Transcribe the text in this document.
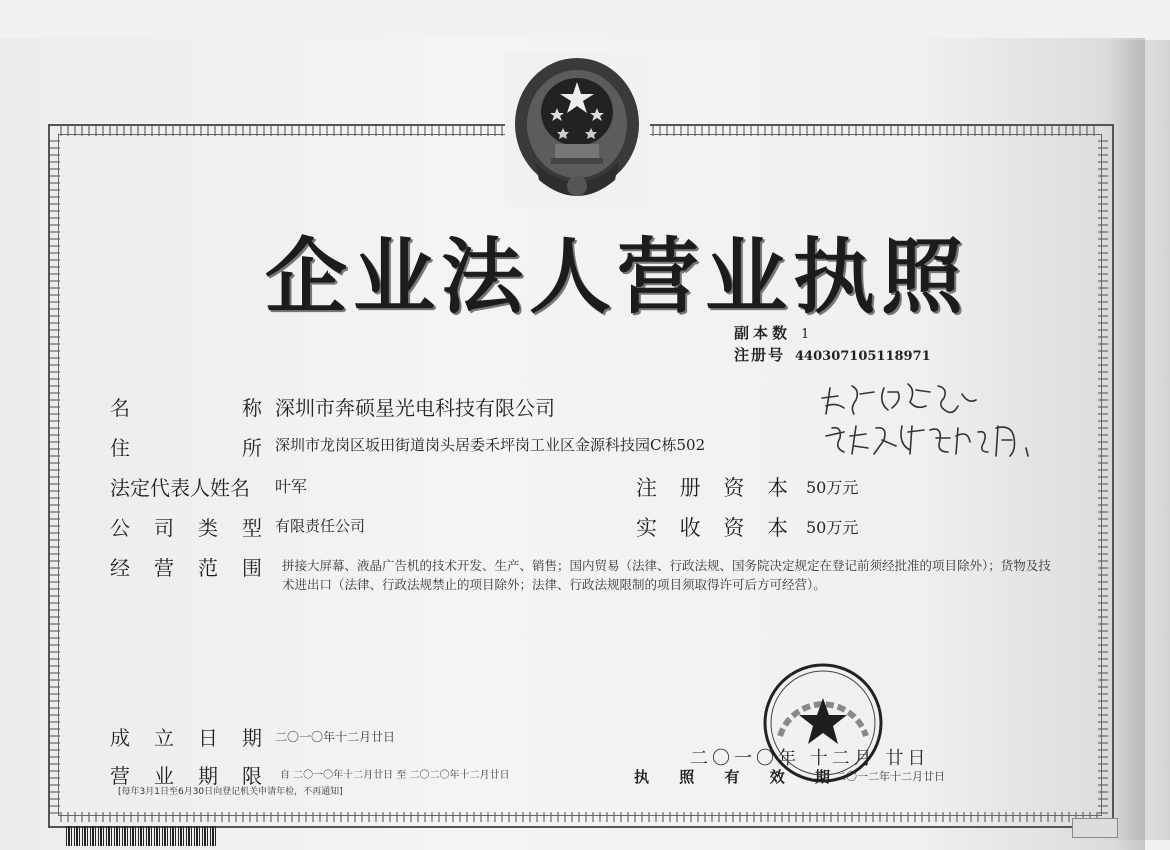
企业法人营业执照
副本数 1
注册号 440307105118971
名	称 深圳市奔硕星光电科技有限公司
住	所 深圳市龙岗区坂田街道岗头居委禾坪岗工业区金源科技园C栋502
法定代表人姓名 叶军	注 册 资 本 50万元
公 司 类 型 有限责任公司	实 收 资 本 50万元
经 营 范 围 拼接大屏幕、液晶广告机的技术开发、生产、销售；国内贸易（法律、行政法规、国务院决定规定在登记前须经批准的项目除外）；货物及技术进出口（法律、行政法规禁止的项目除外；法律、行政法规限制的项目须取得许可后方可经营）。
成 立 日 期 二〇一〇年十二月廿日
营 业 期 限 自 二〇一〇年十二月廿日 至 二〇二〇年十二月廿日
[每年3月1日至6月30日向登记机关申请年检，不再通知]
二〇一〇年 十二月 廿日
执 照 有 效 期 二〇一二年十二月廿日
